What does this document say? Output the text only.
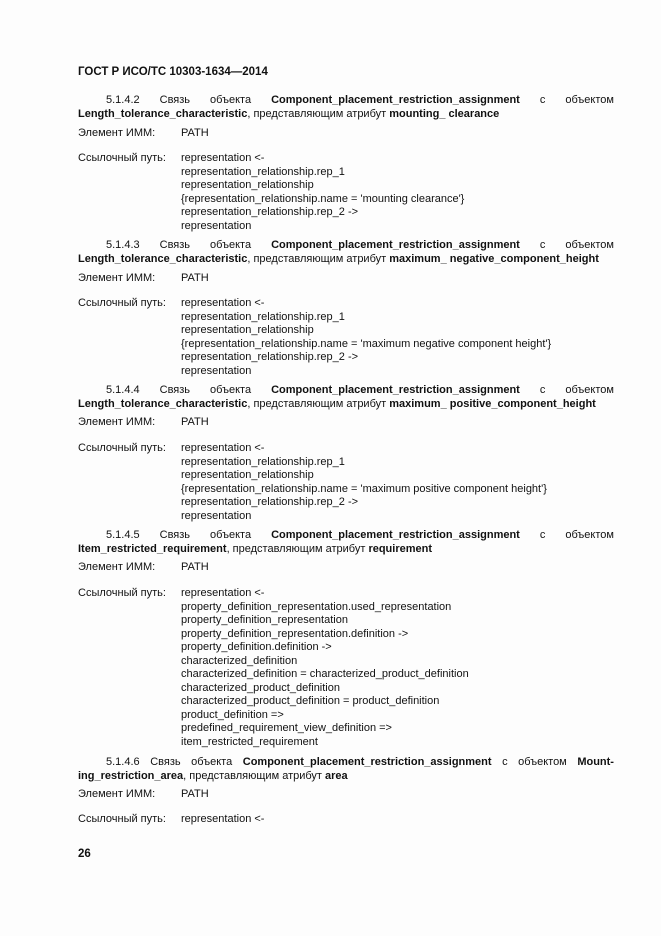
ГОСТ Р ИСО/ТС 10303-1634—2014
5.1.4.2 Связь объекта Component_placement_restriction_assignment с объектом
Length_tolerance_characteristic, представляющим атрибут mounting_ clearance
Элемент ИММ: PATH
Ссылочный путь: representation <-
representation_relationship.rep_1
representation_relationship
{representation_relationship.name = 'mounting clearance'}
representation_relationship.rep_2 ->
representation
5.1.4.3 Связь объекта Component_placement_restriction_assignment с объектом
Length_tolerance_characteristic, представляющим атрибут maximum_ negative_component_height
Элемент ИММ: PATH
Ссылочный путь: representation <-
representation_relationship.rep_1
representation_relationship
{representation_relationship.name = 'maximum negative component height'}
representation_relationship.rep_2 ->
representation
5.1.4.4 Связь объекта Component_placement_restriction_assignment с объектом
Length_tolerance_characteristic, представляющим атрибут maximum_ positive_component_height
Элемент ИММ: PATH
Ссылочный путь: representation <-
representation_relationship.rep_1
representation_relationship
{representation_relationship.name = 'maximum positive component height'}
representation_relationship.rep_2 ->
representation
5.1.4.5 Связь объекта Component_placement_restriction_assignment с объектом
Item_restricted_requirement, представляющим атрибут requirement
Элемент ИММ: PATH
Ссылочный путь: representation <-
property_definition_representation.used_representation
property_definition_representation
property_definition_representation.definition ->
property_definition.definition ->
characterized_definition
characterized_definition = characterized_product_definition
characterized_product_definition
characterized_product_definition = product_definition
product_definition =>
predefined_requirement_view_definition =>
item_restricted_requirement
5.1.4.6 Связь объекта Component_placement_restriction_assignment с объектом Mount-
ing_restriction_area, представляющим атрибут area
Элемент ИММ: PATH
Ссылочный путь: representation <-
26
